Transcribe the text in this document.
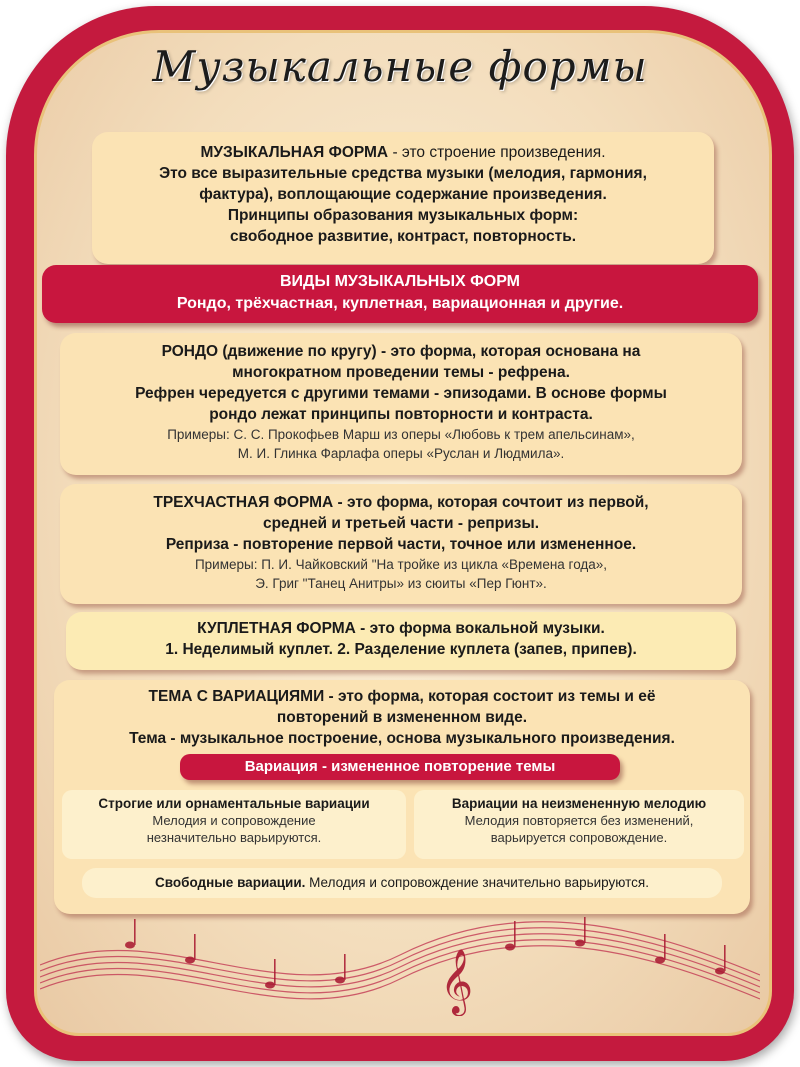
Музыкальные формы
МУЗЫКАЛЬНАЯ ФОРМА - это строение произведения.
Это все выразительные средства музыки (мелодия, гармония,
фактура), воплощающие содержание произведения.
Принципы образования музыкальных форм:
свободное развитие, контраст, повторность.
ВИДЫ МУЗЫКАЛЬНЫХ ФОРМ
Рондо, трёхчастная, куплетная, вариационная и другие.
РОНДО (движение по кругу) - это форма, которая основана на
многократном проведении темы - рефрена.
Рефрен чередуется с другими темами - эпизодами. В основе формы
рондо лежат принципы повторности и контраста.
Примеры: С. С. Прокофьев Марш из оперы «Любовь к трем апельсинам»,
М. И. Глинка Фарлафа оперы «Руслан и Людмила».
ТРЕХЧАСТНАЯ ФОРМА - это форма, которая сочтоит из первой,
средней и третьей части - репризы.
Реприза - повторение первой части, точное или измененное.
Примеры: П. И. Чайковский "На тройке из цикла «Времена года»,
Э. Григ "Танец Анитры» из сюиты «Пер Гюнт».
КУПЛЕТНАЯ ФОРМА - это форма вокальной музыки.
1. Неделимый куплет. 2. Разделение куплета (запев, припев).
ТЕМА С ВАРИАЦИЯМИ - это форма, которая состоит из темы и её
повторений в измененном виде.
Тема - музыкальное построение, основа музыкального произведения.
Вариация - измененное повторение темы
Строгие или орнаментальные вариации
Мелодия и сопровождение
незначительно варьируются.
Вариации на неизмененную мелодию
Мелодия повторяется без изменений,
варьируется сопровождение.
Свободные вариации. Мелодия и сопровождение значительно варьируются.
𝄞
